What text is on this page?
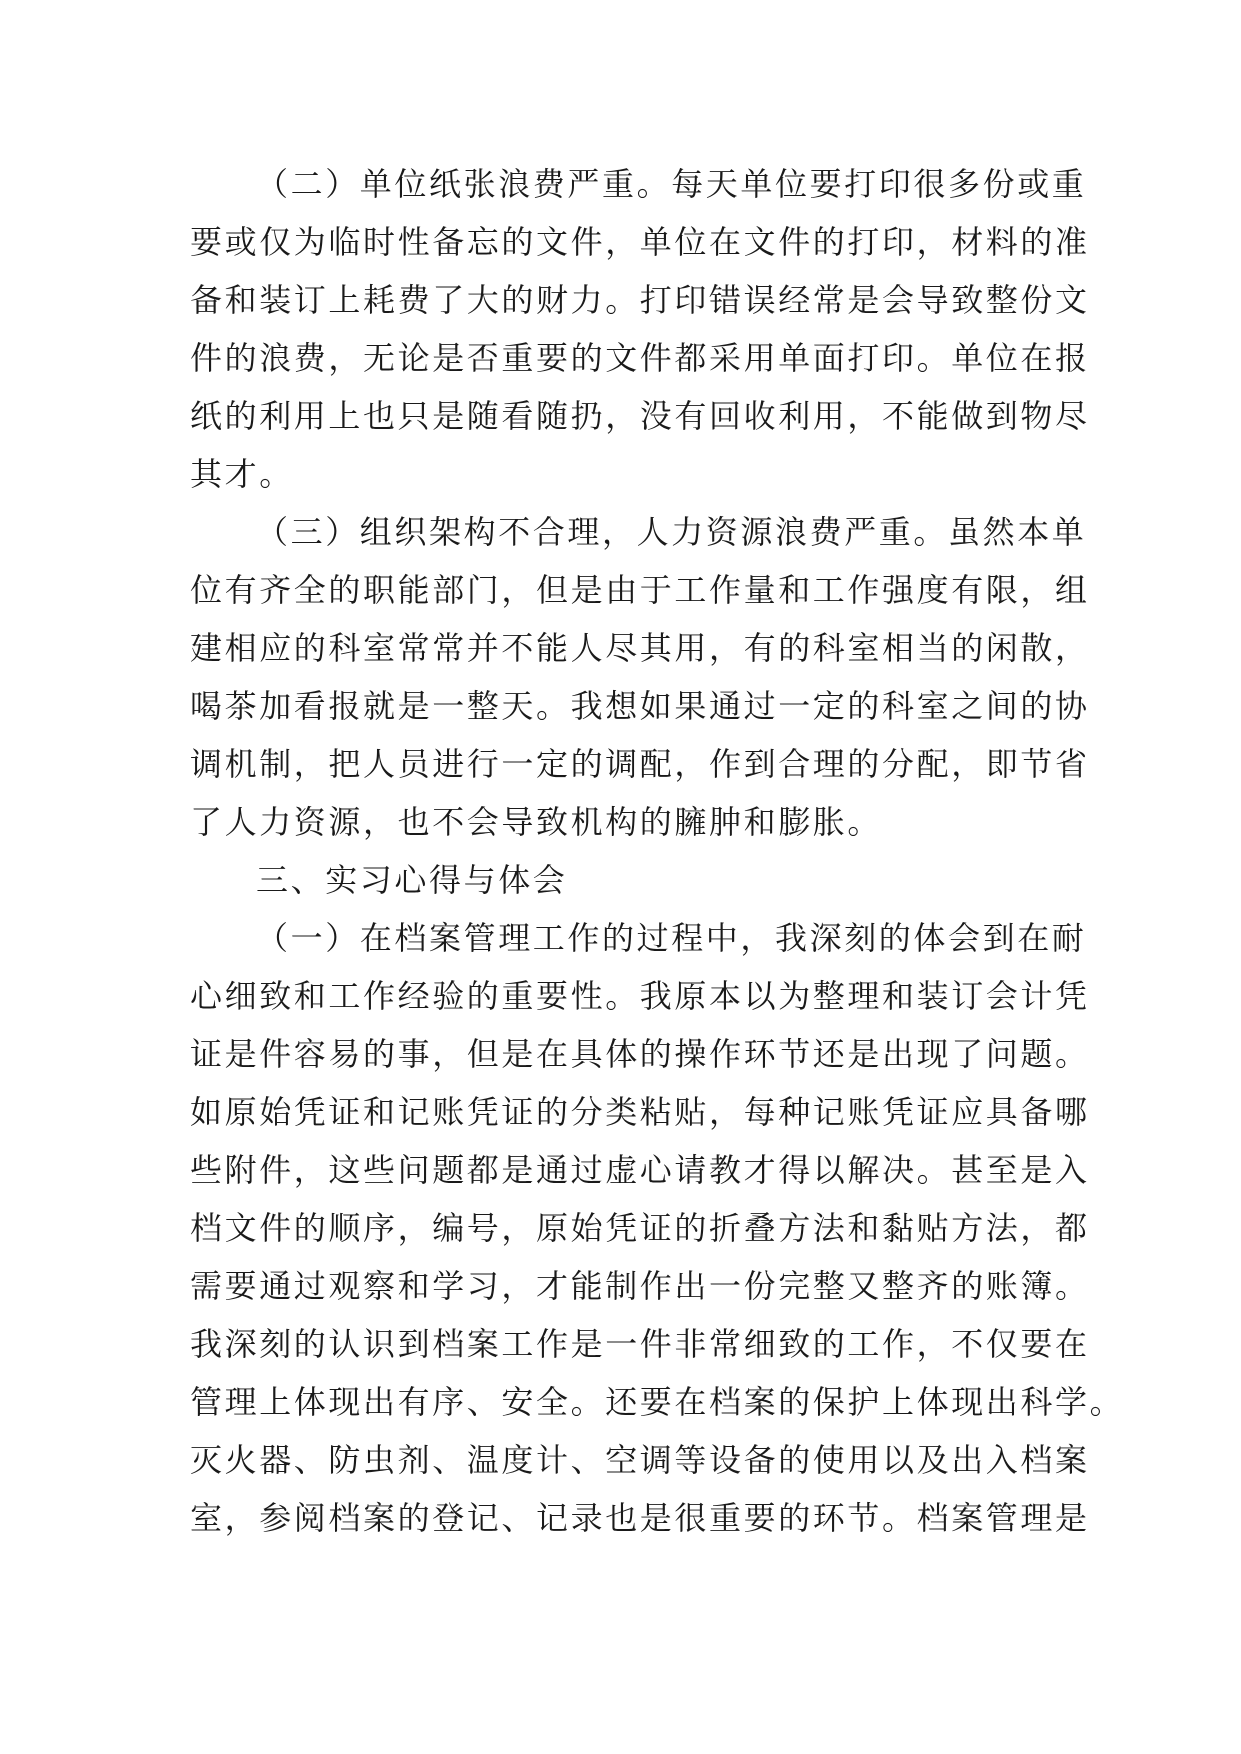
（二）单位纸张浪费严重。每天单位要打印很多份或重
要或仅为临时性备忘的文件，单位在文件的打印，材料的准
备和装订上耗费了大的财力。打印错误经常是会导致整份文
件的浪费，无论是否重要的文件都采用单面打印。单位在报
纸的利用上也只是随看随扔，没有回收利用，不能做到物尽
其才。
（三）组织架构不合理，人力资源浪费严重。虽然本单
位有齐全的职能部门，但是由于工作量和工作强度有限，组
建相应的科室常常并不能人尽其用，有的科室相当的闲散，
喝茶加看报就是一整天。我想如果通过一定的科室之间的协
调机制，把人员进行一定的调配，作到合理的分配，即节省
了人力资源，也不会导致机构的臃肿和膨胀。
三、实习心得与体会
（一）在档案管理工作的过程中，我深刻的体会到在耐
心细致和工作经验的重要性。我原本以为整理和装订会计凭
证是件容易的事，但是在具体的操作环节还是出现了问题。
如原始凭证和记账凭证的分类粘贴，每种记账凭证应具备哪
些附件，这些问题都是通过虚心请教才得以解决。甚至是入
档文件的顺序，编号，原始凭证的折叠方法和黏贴方法，都
需要通过观察和学习，才能制作出一份完整又整齐的账簿。
我深刻的认识到档案工作是一件非常细致的工作，不仅要在
管理上体现出有序、安全。还要在档案的保护上体现出科学。
灭火器、防虫剂、温度计、空调等设备的使用以及出入档案
室，参阅档案的登记、记录也是很重要的环节。档案管理是
